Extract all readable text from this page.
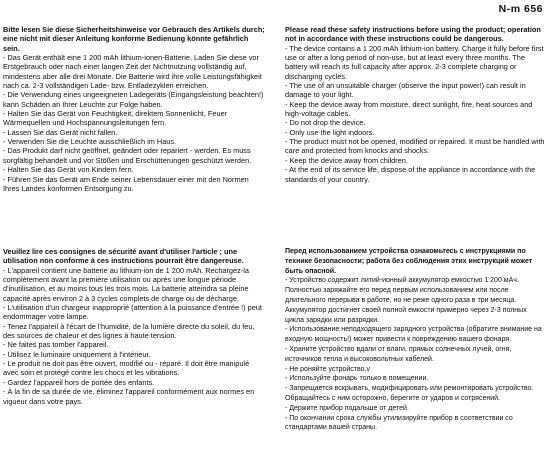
N-m 656

Bitte lesen Sie diese Sicherheitshinweise vor Gebrauch des Artikels durch; eine nicht mit dieser Anleitung konforme Bedienung könnte gefährlich sein.

- Das Gerät enthält eine 1 200 mAh lithium-ionen-Batterie. Laden Sie diese vor Erstgebrauch oder nach einer langen Zeit der Nichtnutzung vollständig auf, mindestens aber alle drei Monate. Die Batterie wird ihre volle Leistungsfähigkeit nach ca. 2-3 vollständigen Lade- bzw. Entladezyklen erreichen.

- Die Verwendung eines ungeeigneten Ladegeräts (Eingangsleistung beachten!) kann Schäden an Ihrer Leuchte zur Folge haben.

- Halten Sie das Gerät von Feuchtigkeit, direktem Sonnenlicht, Feuer Wärmequellen und Hochspannungsleitungen fern.

- Lassen Sie das Gerät nicht fallen.

- Verwenden Sie die Leuchte ausschließlich im Haus.

- Das Produkt darf nicht geöffnet, geändert oder repariert - werden. Es muss sorgfältig behandelt und vor Stößen und Erschütterungen geschützt werden.

- Halten Sie das Gerät von Kindern fern.

- Führen Sie das Gerät am Ende seiner Lebensdauer einer mit den Normen Ihres Landes konformen Entsorgung zu.

Please read these safety instructions before using the product; operation not in accordance with these instructions could be dangerous.

- The device contains a 1 200 mAh lithium-ion battery. Charge it fully before first use or after a long period of non-use, but at least every three months. The battery will reach its full capacity after approx. 2-3 complete charging or discharging cycles.

- The use of an unsuitable charger (observe the input power!) can result in damage to your light.

- Keep the device away from moisture, direct sunlight, fire, heat sources and high-voltage cables.

- Do not drop the device.

- Only use the light indoors.

- The product must not be opened, modified or repaired. It must be handled with care and protected from knocks and shocks.

- Keep the device away from children.

- At the end of its service life, dispose of the appliance in accordance with the standards of your country.

Veuillez lire ces consignes de sécurité avant d'utiliser l'article ; une utilisation non conforme à ces instructions pourrait être dangereuse.

- L'appareil contient une batterie au lithium-ion de 1 200 mAh. Rechargez-la complètement avant la première utilisation ou après une longue période d'inutilisation, et au moins tous les trois mois. La batterie atteindra sa pleine capacité après environ 2 à 3 cycles complets de charge ou de décharge.

- L'utilisation d'un chargeur inapproprié (attention à la puissance d'entrée !) peut endommager votre lampe.

- Tenez l'appareil à l'écart de l'humidité, de la lumière directe du soleil, du feu, des sources de chaleur et des lignes à haute tension.

- Ne faites pas tomber l'appareil.

- Utilisez le luminaire uniquement à l'intérieur.

- Le produit ne doit pas être ouvert, modifié ou - réparé. Il doit être manipulé avec soin et protégé contre les chocs et les vibrations.

- Gardez l'appareil hors de portée des enfants.

- À la fin de sa durée de vie, éliminez l'appareil conformément aux normes en vigueur dans votre pays.

Перед использованием устройства ознакомьтесь с инструкциями по технике безопасности; работа без соблюдения этих инструкций может быть опасной.

- Устройство содержит литий-ионный аккумулятор емкостью 1 200 мАч. Полностью заряжайте его перед первым использованием или после длительного перерыва в работе, но не реже одного раза в три месяца. Аккумулятор достигнет своей полной емкости примерно через 2-3 полных цикла зарядки или разрядки.

- Использование неподходящего зарядного устройства (обратите внимание на входную мощность!) может привести к повреждению вашего фонаря.

- Храните устройство вдали от влаги, прямых солнечных лучей, огня, источников тепла и высоковольтных кабелей.

- Не роняйте устройство.v

- Используйте фонарь только в помещении.

- Запрещается вскрывать, модифицировать или ремонтировать устройство. Обращайтесь с ним осторожно, берегите от ударов и сотрясений.

- Держите прибор подальше от детей.

- По окончании срока службы утилизируйте прибор в соответствии со стандартами вашей страны.
